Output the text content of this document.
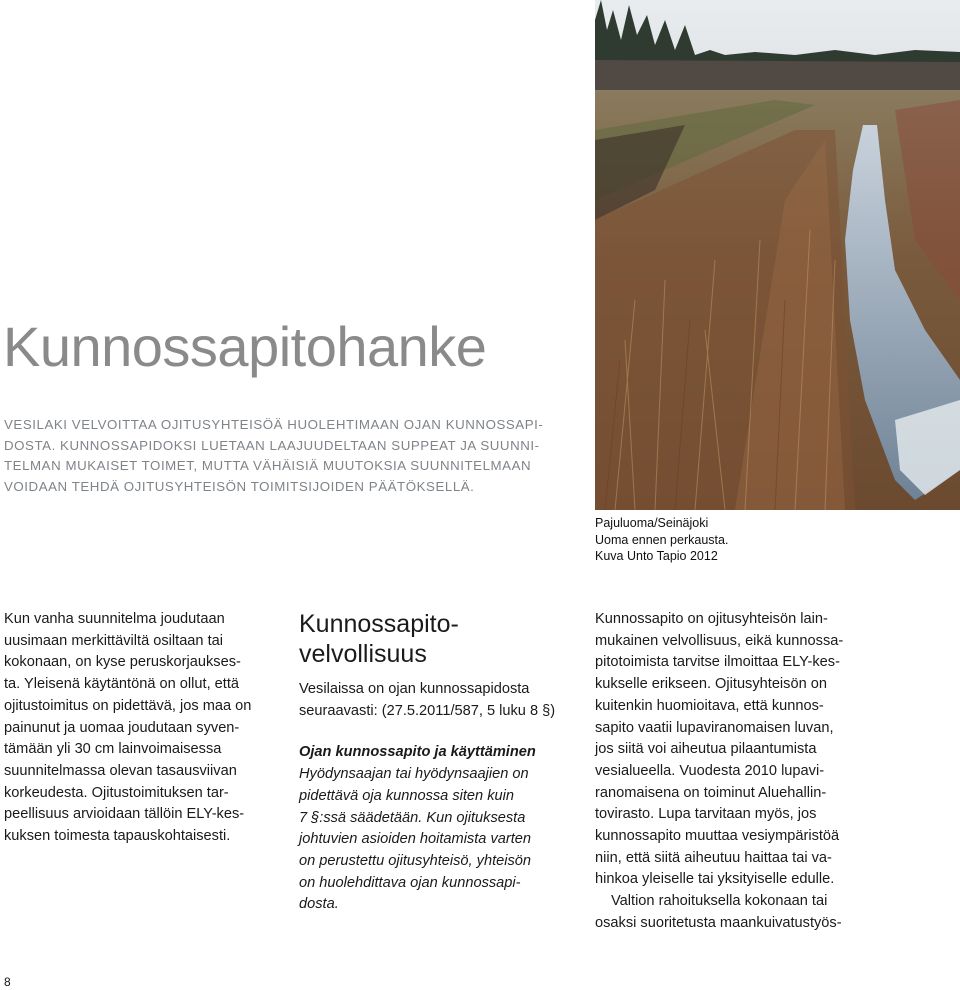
Pajuluoma/Seinäjoki
Uoma ennen perkausta.
Kuva Unto Tapio 2012
Kunnossapitohanke
VESILAKI VELVOITTAA OJITUSYHTEISÖÄ HUOLEHTIMAAN OJAN KUNNOSSAPI-
DOSTA. KUNNOSSAPIDOKSI LUETAAN LAAJUUDELTAAN SUPPEAT JA SUUNNI-
TELMAN MUKAISET TOIMET, MUTTA VÄHÄISIÄ MUUTOKSIA SUUNNITELMAAN
VOIDAAN TEHDÄ OJITUSYHTEISÖN TOIMITSIJOIDEN PÄÄTÖKSELLÄ.
Kun vanha suunnitelma joudutaan
uusimaan merkittäviltä osiltaan tai
kokonaan, on kyse peruskorjaukses-
ta. Yleisenä käytäntönä on ollut, että
ojitustoimitus on pidettävä, jos maa on
painunut ja uomaa joudutaan syven-
tämään yli 30 cm lainvoimaisessa
suunnitelmassa olevan tasausviivan
korkeudesta. Ojitustoimituksen tar-
peellisuus arvioidaan tällöin ELY-kes-
kuksen toimesta tapauskohtaisesti.
Kunnossapito-
velvollisuus
Vesilaissa on ojan kunnossapidosta
seuraavasti: (27.5.2011/587, 5 luku 8 §)
Ojan kunnossapito ja käyttäminen
Hyödynsaajan tai hyödynsaajien on
pidettävä oja kunnossa siten kuin
7 §:ssä säädetään. Kun ojituksesta
johtuvien asioiden hoitamista varten
on perustettu ojitusyhteisö, yhteisön
on huolehdittava ojan kunnossapi-
dosta.
Kunnossapito on ojitusyhteisön lain-
mukainen velvollisuus, eikä kunnossa-
pitotoimista tarvitse ilmoittaa ELY-kes-
kukselle erikseen. Ojitusyhteisön on
kuitenkin huomioitava, että kunnos-
sapito vaatii lupaviranomaisen luvan,
jos siitä voi aiheutua pilaantumista
vesialueella. Vuodesta 2010 lupavi-
ranomaisena on toiminut Aluehallin-
tovirasto. Lupa tarvitaan myös, jos
kunnossapito muuttaa vesiympäristöä
niin, että siitä aiheutuu haittaa tai va-
hinkoa yleiselle tai yksityiselle edulle.
Valtion rahoituksella kokonaan tai
osaksi suoritetusta maankuivatustyös-
8
